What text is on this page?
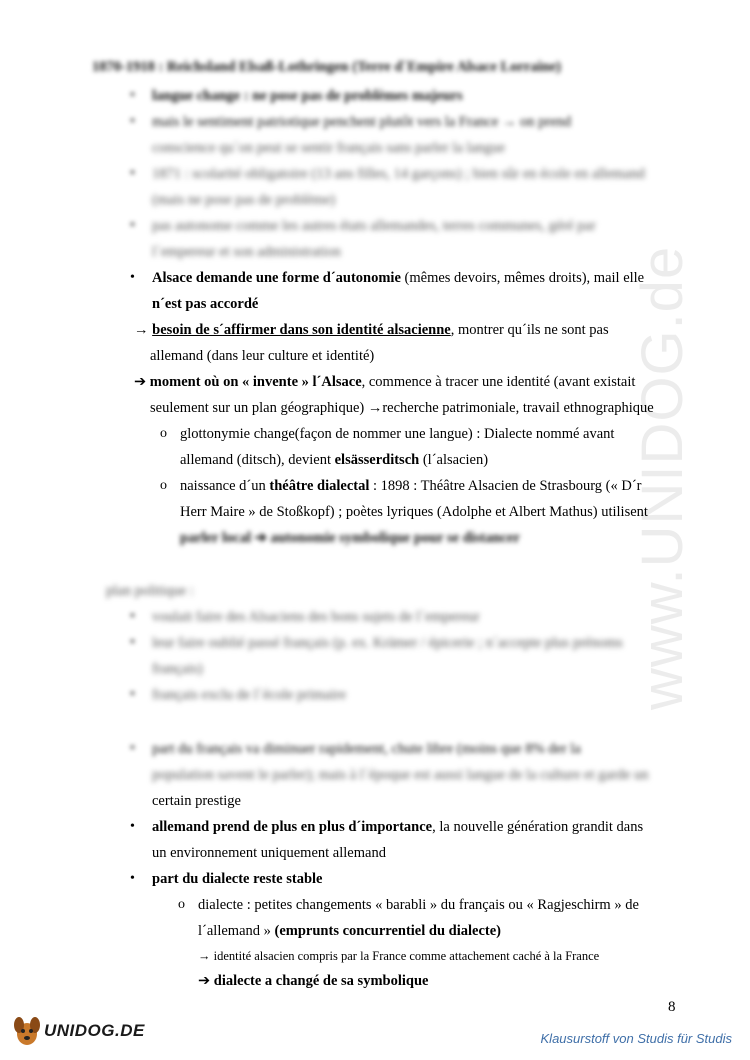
www.UNIDOG.de
1870-1918 : Reichsland Elsaß-Lothringen (Terre d´Empire Alsace Lorraine)
• langue change : ne pose pas de problèmes majeurs
• mais le sentiment patriotique penchent plutôt vers la France → on prend
conscience qu´on peut se sentir français sans parler la langue
• 1871 : scolarité obligatoire (13 ans filles, 14 garçons) ; bien sûr en école en allemand
(mais ne pose pas de problème)
• pas autonome comme les autres états allemandes, terres communes, géré par
l´empereur et son administration
• Alsace demande une forme d´autonomie (mêmes devoirs, mêmes droits), mail elle
n´est pas accordé
→ besoin de s´affirmer dans son identité alsacienne, montrer qu´ils ne sont pas
allemand (dans leur culture et identité)
➔ moment où on « invente » l´Alsace, commence à tracer une identité (avant existait
seulement sur un plan géographique) →recherche patrimoniale, travail ethnographique
o glottonymie change(façon de nommer une langue) : Dialecte nommé avant
allemand (ditsch), devient elsässerditsch (l´alsacien)
o naissance d´un théâtre dialectal : 1898 : Théâtre Alsacien de Strasbourg (« D´r
Herr Maire » de Stoßkopf) ; poètes lyriques (Adolphe et Albert Mathus) utilisent
parler local ➔ autonomie symbolique pour se distancer
plan politique :
• voulait faire des Alsaciens des bons sujets de l´empereur
• leur faire oublié passé français (p. ex. Krämer / épicerie ; n´accepte plus prénoms
français)
• français exclu de l´école primaire
• part du français va diminuer rapidement, chute libre (moins que 8% der la
population savent le parler); mais à l´époque est aussi langue de la culture et garde un
certain prestige
• allemand prend de plus en plus d´importance, la nouvelle génération grandit dans
un environnement uniquement allemand
• part du dialecte reste stable
o dialecte : petites changements « barabli » du français ou « Ragjeschirm » de
l´allemand » (emprunts concurrentiel du dialecte)
→ identité alsacien compris par la France comme attachement caché à la France
➔ dialecte a changé de sa symbolique
8
UNIDOG.DE	Klausurstoff von Studis für Studis
